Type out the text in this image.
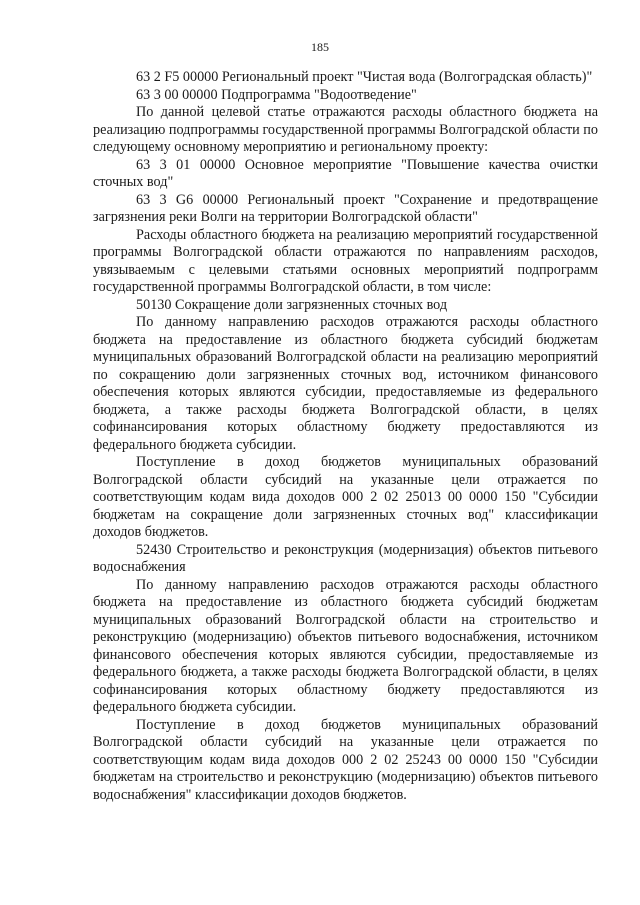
185

63 2 F5 00000 Региональный проект "Чистая вода (Волгоградская область)"

63 3 00 00000 Подпрограмма "Водоотведение"

По данной целевой статье отражаются расходы областного бюджета на реализацию подпрограммы государственной программы Волгоградской области по следующему основному мероприятию и региональному проекту:

63 3 01 00000 Основное мероприятие "Повышение качества очистки сточных вод"

63 3 G6 00000 Региональный проект "Сохранение и предотвращение загрязнения реки Волги на территории Волгоградской области"

Расходы областного бюджета на реализацию мероприятий государственной программы Волгоградской области отражаются по направлениям расходов, увязываемым с целевыми статьями основных мероприятий подпрограмм государственной программы Волгоградской области, в том числе:

50130 Сокращение доли загрязненных сточных вод

По данному направлению расходов отражаются расходы областного бюджета на предоставление из областного бюджета субсидий бюджетам муниципальных образований Волгоградской области на реализацию мероприятий по сокращению доли загрязненных сточных вод, источником финансового обеспечения которых являются субсидии, предоставляемые из федерального бюджета, а также расходы бюджета Волгоградской области, в целях софинансирования которых областному бюджету предоставляются из федерального бюджета субсидии.

Поступление в доход бюджетов муниципальных образований Волгоградской области субсидий на указанные цели отражается по соответствующим кодам вида доходов 000 2 02 25013 00 0000 150 "Субсидии бюджетам на сокращение доли загрязненных сточных вод" классификации доходов бюджетов.

52430 Строительство и реконструкция (модернизация) объектов питьевого водоснабжения

По данному направлению расходов отражаются расходы областного бюджета на предоставление из областного бюджета субсидий бюджетам муниципальных образований Волгоградской области на строительство и реконструкцию (модернизацию) объектов питьевого водоснабжения, источником финансового обеспечения которых являются субсидии, предоставляемые из федерального бюджета, а также расходы бюджета Волгоградской области, в целях софинансирования которых областному бюджету предоставляются из федерального бюджета субсидии.

Поступление в доход бюджетов муниципальных образований Волгоградской области субсидий на указанные цели отражается по соответствующим кодам вида доходов 000 2 02 25243 00 0000 150 "Субсидии бюджетам на строительство и реконструкцию (модернизацию) объектов питьевого водоснабжения" классификации доходов бюджетов.
